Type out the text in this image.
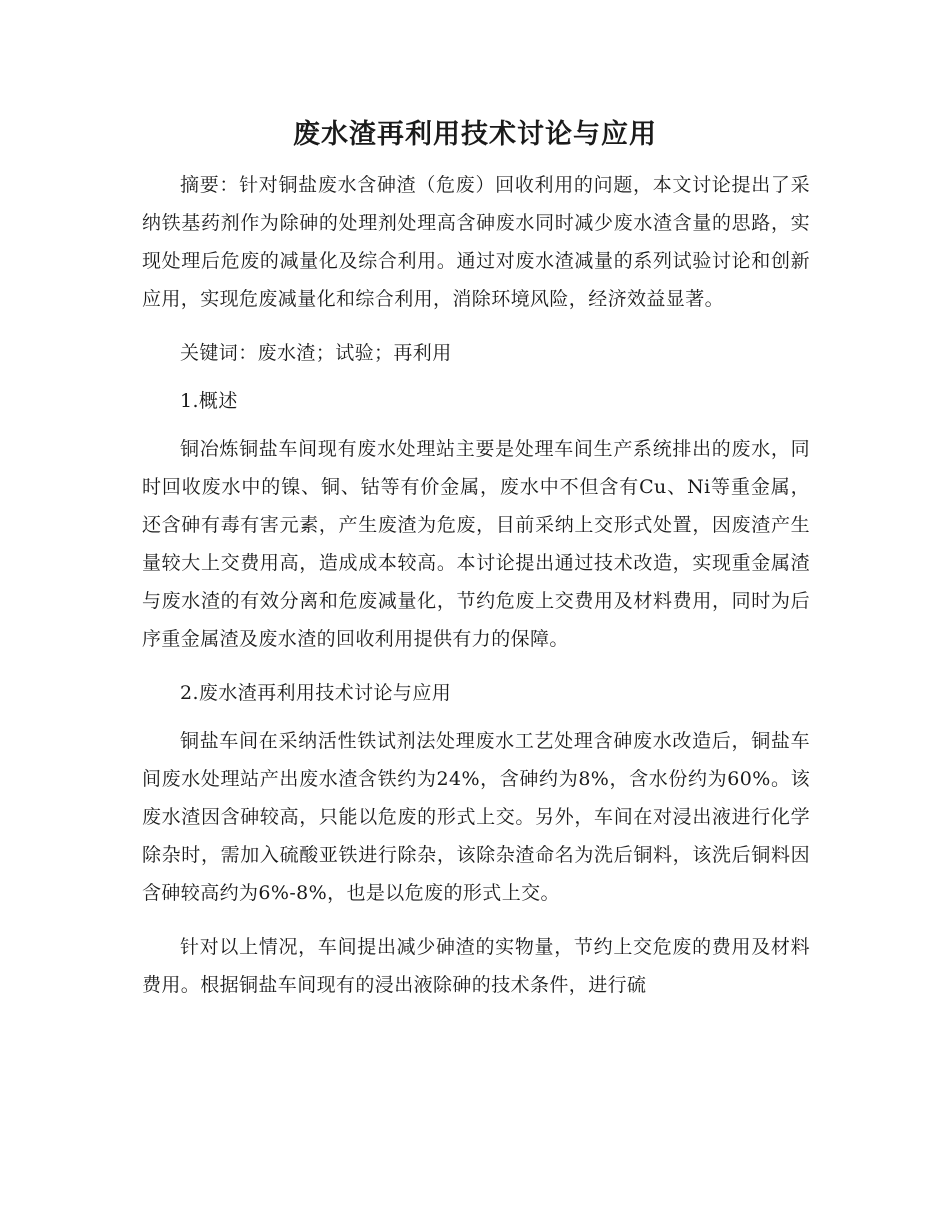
废水渣再利用技术讨论与应用

摘要：针对铜盐废水含砷渣（危废）回收利用的问题，本文讨论提出了采纳铁基药剂作为除砷的处理剂处理高含砷废水同时减少废水渣含量的思路，实现处理后危废的减量化及综合利用。通过对废水渣减量的系列试验讨论和创新应用，实现危废减量化和综合利用，消除环境风险，经济效益显著。

关键词：废水渣；试验；再利用

1.概述

铜冶炼铜盐车间现有废水处理站主要是处理车间生产系统排出的废水，同时回收废水中的镍、铜、钴等有价金属，废水中不但含有Cu、Ni等重金属，还含砷有毒有害元素，产生废渣为危废，目前采纳上交形式处置，因废渣产生量较大上交费用高，造成成本较高。本讨论提出通过技术改造，实现重金属渣与废水渣的有效分离和危废减量化，节约危废上交费用及材料费用，同时为后序重金属渣及废水渣的回收利用提供有力的保障。

2.废水渣再利用技术讨论与应用

铜盐车间在采纳活性铁试剂法处理废水工艺处理含砷废水改造后，铜盐车间废水处理站产出废水渣含铁约为24%，含砷约为8%，含水份约为60%。该废水渣因含砷较高，只能以危废的形式上交。另外，车间在对浸出液进行化学除杂时，需加入硫酸亚铁进行除杂，该除杂渣命名为洗后铜料，该洗后铜料因含砷较高约为6%-8%，也是以危废的形式上交。

针对以上情况，车间提出减少砷渣的实物量，节约上交危废的费用及材料费用。根据铜盐车间现有的浸出液除砷的技术条件，进行硫
